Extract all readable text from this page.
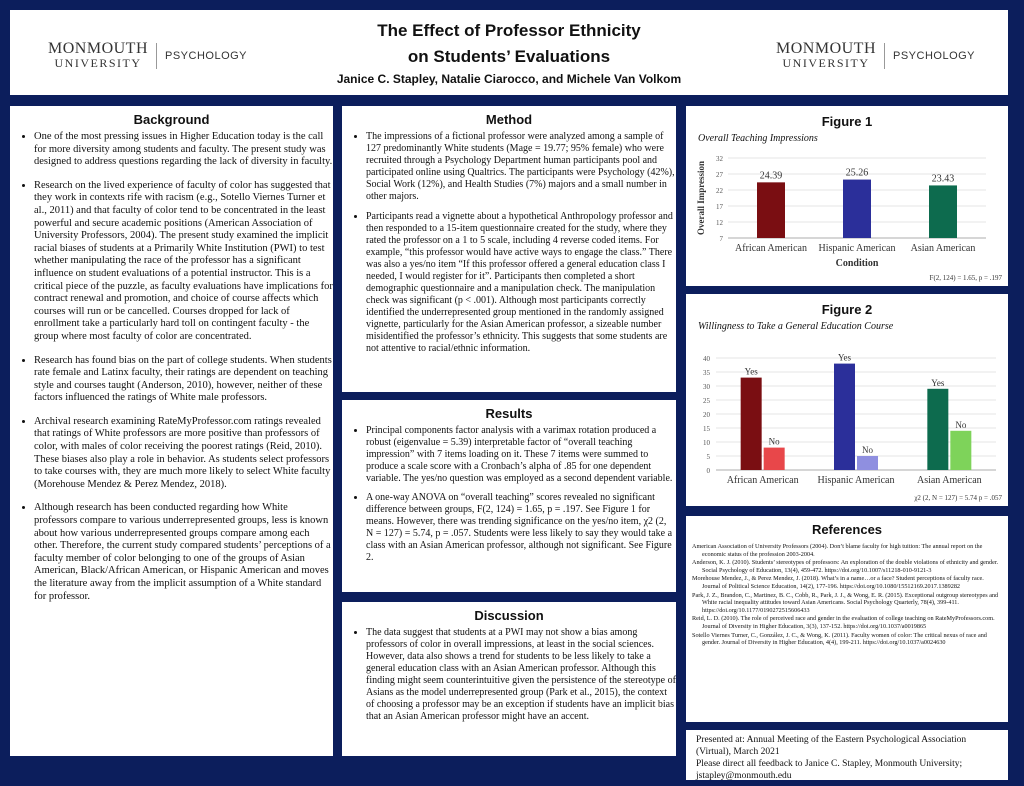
MONMOUTH
UNIVERSITY	PSYCHOLOGY
The Effect of Professor Ethnicity
on Students’ Evaluations
Janice C. Stapley, Natalie Ciarocco, and Michele Van Volkom
MONMOUTH
UNIVERSITY	PSYCHOLOGY
Background
• One of the most pressing issues in Higher Education today is the call for more diversity among students and faculty. The present study was designed to address questions regarding the lack of diversity in faculty.
• Research on the lived experience of faculty of color has suggested that they work in contexts rife with racism (e.g., Sotello Viernes Turner et al., 2011) and that faculty of color tend to be concentrated in the least powerful and secure academic positions (American Association of University Professors, 2004). The present study examined the implicit racial biases of students at a Primarily White Institution (PWI) to test whether manipulating the race of the professor has a significant influence on student evaluations of a potential instructor. This is a critical piece of the puzzle, as faculty evaluations have implications for contract renewal and promotion, and choice of course affects which courses will run or be cancelled. Courses dropped for lack of enrollment take a particularly hard toll on contingent faculty - the group where most faculty of color are concentrated.
• Research has found bias on the part of college students. When students rate female and Latinx faculty, their ratings are dependent on teaching style and courses taught (Anderson, 2010), however, neither of these factors influenced the ratings of White male professors.
• Archival research examining RateMyProfessor.com ratings revealed that ratings of White professors are more positive than professors of color, with males of color receiving the poorest ratings (Reid, 2010). These biases also play a role in behavior. As students select professors to take courses with, they are much more likely to select White faculty (Morehouse Mendez & Perez Mendez, 2018).
• Although research has been conducted regarding how White professors compare to various underrepresented groups, less is known about how various underrepresented groups compare among each other. Therefore, the current study compared students’ perceptions of a faculty member of color belonging to one of the groups of Asian American, Black/African American, or Hispanic American and moves the literature away from the implicit assumption of a White standard for professor.
Method
• The impressions of a fictional professor were analyzed among a sample of 127 predominantly White students (Mage = 19.77; 95% female) who were recruited through a Psychology Department human participants pool and participated online using Qualtrics. The participants were Psychology (42%), Social Work (12%), and Health Studies (7%) majors and a small number in other majors.
• Participants read a vignette about a hypothetical Anthropology professor and then responded to a 15-item questionnaire created for the study, where they rated the professor on a 1 to 5 scale, including 4 reverse coded items. For example, “this professor would have active ways to engage the class.” There was also a yes/no item “If this professor offered a general education class I needed, I would register for it”. Participants then completed a short demographic questionnaire and a manipulation check. The manipulation check was significant (p < .001). Although most participants correctly identified the underrepresented group mentioned in the randomly assigned vignette, particularly for the Asian American professor, a sizeable number misidentified the professor’s ethnicity. This suggests that some students are not attentive to racial/ethnic information.
Results
• Principal components factor analysis with a varimax rotation produced a robust (eigenvalue = 5.39) interpretable factor of “overall teaching impression” with 7 items loading on it. These 7 items were summed to produce a scale score with a Cronbach’s alpha of .85 for one dependent variable. The yes/no question was employed as a second dependent variable.
• A one-way ANOVA on “overall teaching” scores revealed no significant difference between groups, F(2, 124) = 1.65, p = .197. See Figure 1 for means. However, there was trending significance on the yes/no item, χ2 (2, N = 127) = 5.74, p = .057. Students were less likely to say they would take a class with an Asian American professor, although not significant. See Figure 2.
Discussion
• The data suggest that students at a PWI may not show a bias among professors of color in overall impressions, at least in the social sciences. However, data also shows a trend for students to be less likely to take a general education class with an Asian American professor. Although this finding might seem counterintuitive given the persistence of the stereotype of Asians as the model underrepresented group (Park et al., 2015), the context of choosing a professor may be an exception if students have an implicit bias that an Asian American professor might have an accent.
Figure 1
Overall Teaching Impressions
7
12
17
22
27
32
24.39
African American
25.26
Hispanic American
23.43
Asian American
Condition
Overall Impression
F(2, 124) = 1.65, p = .197
Figure 2
Willingness to Take a General Education Course
0
5
10
15
20
25
30
35
40
Yes
No
African American
Yes
No
Hispanic American
Yes
No
Asian American
χ2 (2, N = 127) = 5.74 p = .057
References

American Association of University Professors (2004). Don’t blame faculty for high tuition: The annual report on the economic status of the profession 2003-2004.

Anderson, K. J. (2010). Students’ stereotypes of professors: An exploration of the double violations of ethnicity and gender. Social Psychology of Education, 13(4), 459-472. https://doi.org/10.1007/s11218-010-9121-3

Morehouse Mendez, J., & Perez Mendez, J. (2018). What’s in a name…or a face? Student perceptions of faculty race. Journal of Political Science Education, 14(2), 177-196. https://doi.org/10.1080/15512169.2017.1389282

Park, J. Z., Brandon, C., Martinez, B. C., Cobb, R., Park, J. J., & Wong, E. R. (2015). Exceptional outgroup stereotypes and White racial inequality attitudes toward Asian Americans. Social Psychology Quarterly, 78(4), 399-411. https://doi.org/10.1177/0190272515606433

Reid, L. D. (2010). The role of perceived race and gender in the evaluation of college teaching on RateMyProfessors.com. Journal of Diversity in Higher Education, 3(3), 137-152. https://doi.org/10.1037/a0019865

Sotello Viernes Turner, C., González, J. C., & Wong, K. (2011). Faculty women of color: The critical nexus of race and gender. Journal of Diversity in Higher Education, 4(4), 199-211. https://doi.org/10.1037/a0024630

Presented at: Annual Meeting of the Eastern Psychological Association (Virtual), March 2021
Please direct all feedback to Janice C. Stapley, Monmouth University; jstapley@monmouth.edu
